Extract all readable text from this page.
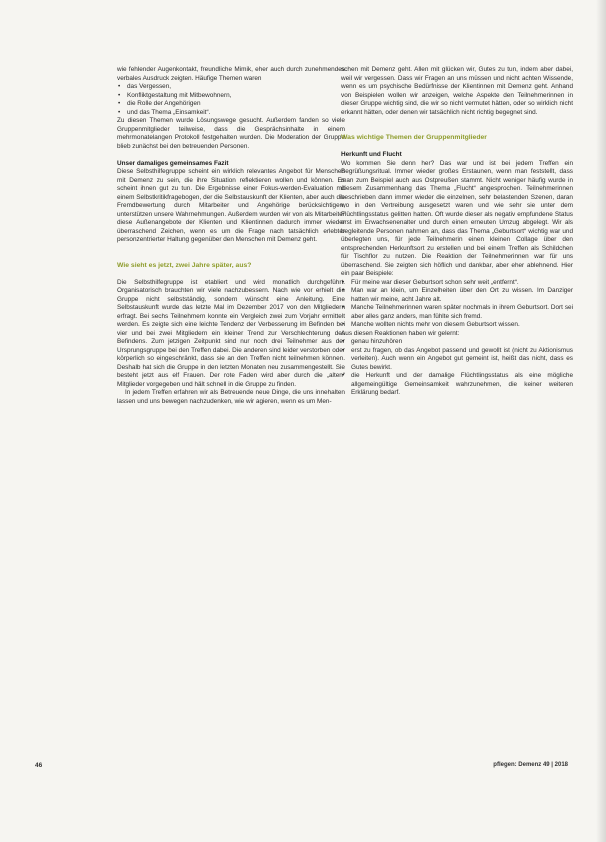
wie fehlender Augenkontakt, freundliche Mimik, eher auch durch zunehmendes verbales Ausdruck zeigten. Häufige Themen waren

• das Vergessen,
• Konfliktgestaltung mit Mitbewohnern,
• die Rolle der Angehörigen
• und das Thema „Einsamkeit“.

Zu diesen Themen wurde Lösungswege gesucht. Außerdem fanden so viele Gruppenmitglieder teilweise, dass die Gesprächsinhalte in einem mehrmonatelangen Protokoll festgehalten wurden. Die Moderation der Gruppe blieb zunächst bei den betreuenden Personen.

Unser damaliges gemeinsames Fazit

Diese Selbsthilfegruppe scheint ein wirklich relevantes Angebot für Menschen mit Demenz zu sein, die ihre Situation reflektieren wollen und können. Es scheint ihnen gut zu tun. Die Ergebnisse einer Fokus-werden-Evaluation mit einem Selbstkritikfragebogen, der die Selbstauskunft der Klienten, aber auch die Fremdbewertung durch Mitarbeiter und Angehörige berücksichtigen, unterstützen unsere Wahrnehmungen. Außerdem wurden wir von als Mitarbeiter diese Außenangebote der Klienten und Klientinnen dadurch immer wieder überraschend Zeichen, wenn es um die Frage nach tatsächlich erlebter personzentrierter Haltung gegenüber den Menschen mit Demenz geht.

Wie sieht es jetzt, zwei Jahre später, aus?

Die Selbsthilfegruppe ist etabliert und wird monatlich durchgeführt. Organisatorisch brauchten wir viele nachzubessern. Nach wie vor erhielt die Gruppe nicht selbstständig, sondern wünscht eine Anleitung. Eine Selbstauskunft wurde das letzte Mal im Dezember 2017 von den Mitgliedern erfragt. Bei sechs Teilnehmern konnte ein Vergleich zwei zum Vorjahr ermittelt werden. Es zeigte sich eine leichte Tendenz der Verbesserung im Befinden bei vier und bei zwei Mitgliedern ein kleiner Trend zur Verschlechterung des Befindens. Zum jetzigen Zeitpunkt sind nur noch drei Teilnehmer aus der Ursprungsgruppe bei den Treffen dabei. Die anderen sind leider verstorben oder körperlich so eingeschränkt, dass sie an den Treffen nicht teilnehmen können. Deshalb hat sich die Gruppe in den letzten Monaten neu zusammengestellt. Sie besteht jetzt aus elf Frauen. Der rote Faden wird aber durch die „alten“ Mitglieder vorgegeben und hält schnell in die Gruppe zu finden.

In jedem Treffen erfahren wir als Betreuende neue Dinge, die uns innehalten lassen und uns bewegen nachzudenken, wie wir agieren, wenn es um Men-

schen mit Demenz geht. Allen mit glücken wir, Gutes zu tun, indem aber dabei, weil wir vergessen. Dass wir Fragen an uns müssen und nicht achten Wissende, wenn es um psychische Bedürfnisse der Klientinnen mit Demenz geht. Anhand von Beispielen wollen wir anzeigen, welche Aspekte den Teilnehmerinnen in dieser Gruppe wichtig sind, die wir so nicht vermutet hätten, oder so wirklich nicht erkannt hätten, oder denen wir tatsächlich nicht richtig begegnet sind.

Was wichtige Themen der Gruppenmitglieder

Herkunft und Flucht

Wo kommen Sie denn her? Das war und ist bei jedem Treffen ein Begrüßungsritual. Immer wieder großes Erstaunen, wenn man feststellt, dass man zum Beispiel auch aus Ostpreußen stammt. Nicht weniger häufig wurde in diesem Zusammenhang das Thema „Flucht“ angesprochen. Teilnehmerinnen beschrieben dann immer wieder die einzelnen, sehr belastenden Szenen, daran wo in den Vertreibung ausgesetzt waren und wie sehr sie unter dem Flüchtlingsstatus gelitten hatten. Oft wurde dieser als negativ empfundene Status erst im Erwachsenenalter und durch einen erneuten Umzug abgelegt. Wir als begleitende Personen nahmen an, dass das Thema „Geburtsort“ wichtig war und überlegten uns, für jede Teilnehmerin einen kleinen Collage über den entsprechenden Herkunftsort zu erstellen und bei einem Treffen als Schildchen für Tischflor zu nutzen. Die Reaktion der Teilnehmerinnen war für uns überraschend. Sie zeigten sich höflich und dankbar, aber eher ablehnend. Hier ein paar Beispiele:

• Für meine war dieser Geburtsort schon sehr weit „entfernt“.
• Man war an klein, um Einzelheiten über den Ort zu wissen. Im Danziger hatten wir meine, acht Jahre alt.
• Manche Teilnehmerinnen waren später nochmals in ihrem Geburtsort. Dort sei aber alles ganz anders, man fühlte sich fremd.
• Manche wollten nichts mehr von diesem Geburtsort wissen.

Aus diesen Reaktionen haben wir gelernt:

• genau hinzuhören
• erst zu fragen, ob das Angebot passend und gewollt ist (nicht zu Aktionismus verleiten). Auch wenn ein Angebot gut gemeint ist, heißt das nicht, dass es Gutes bewirkt.
• die Herkunft und der damalige Flüchtlingsstatus als eine mögliche allgemeingültige Gemeinsamkeit wahrzunehmen, die keiner weiteren Erklärung bedarf.
46	pflegen: Demenz 49 | 2018
